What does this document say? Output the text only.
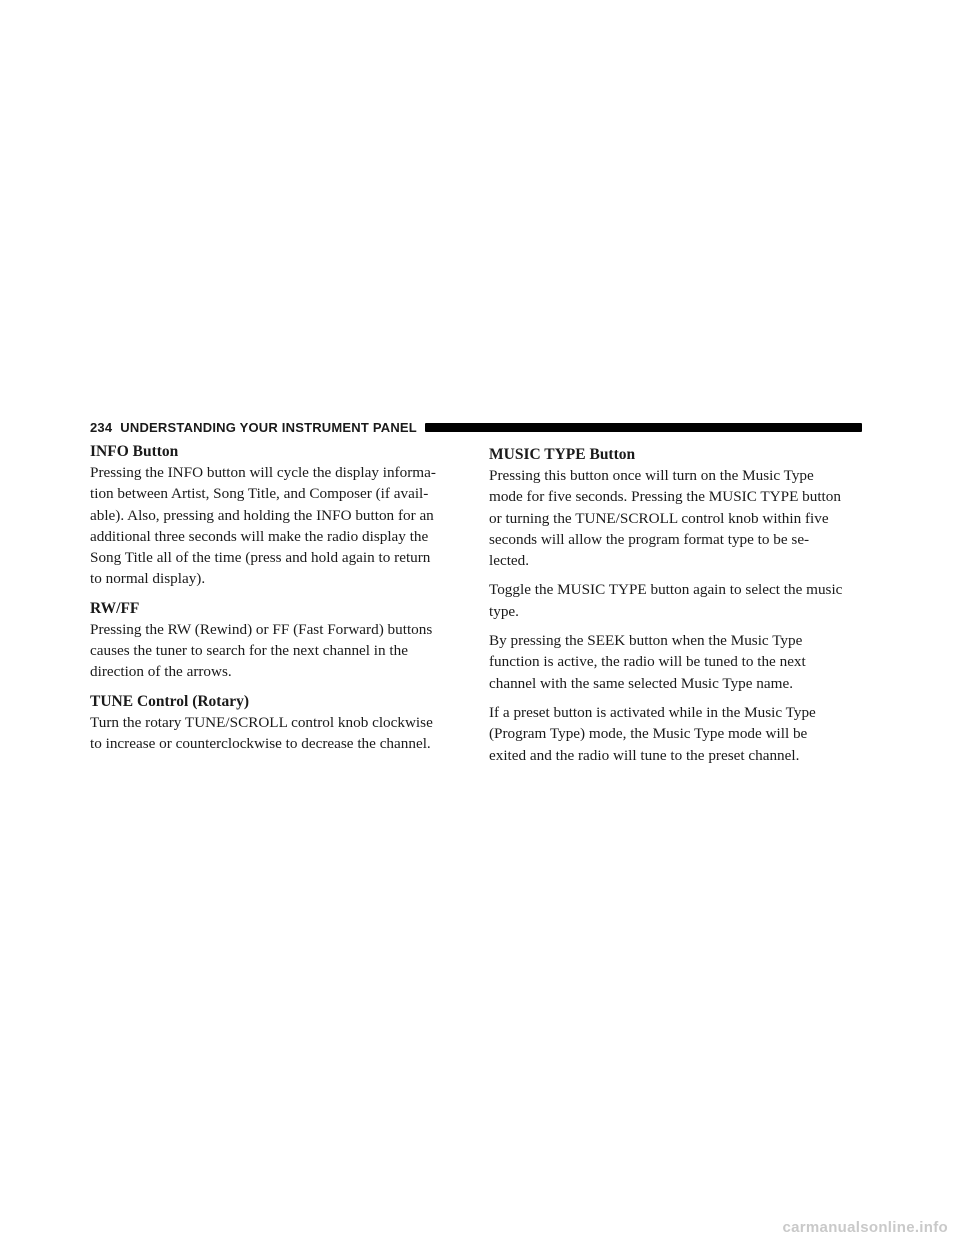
234 UNDERSTANDING YOUR INSTRUMENT PANEL
INFO Button
Pressing the INFO button will cycle the display informa-
tion between Artist, Song Title, and Composer (if avail-
able). Also, pressing and holding the INFO button for an
additional three seconds will make the radio display the
Song Title all of the time (press and hold again to return
to normal display).
RW/FF
Pressing the RW (Rewind) or FF (Fast Forward) buttons
causes the tuner to search for the next channel in the
direction of the arrows.
TUNE Control (Rotary)
Turn the rotary TUNE/SCROLL control knob clockwise
to increase or counterclockwise to decrease the channel.
MUSIC TYPE Button
Pressing this button once will turn on the Music Type
mode for five seconds. Pressing the MUSIC TYPE button
or turning the TUNE/SCROLL control knob within five
seconds will allow the program format type to be se-
lected.
Toggle the MUSIC TYPE button again to select the music
type.
By pressing the SEEK button when the Music Type
function is active, the radio will be tuned to the next
channel with the same selected Music Type name.
If a preset button is activated while in the Music Type
(Program Type) mode, the Music Type mode will be
exited and the radio will tune to the preset channel.
carmanualsonline.info
